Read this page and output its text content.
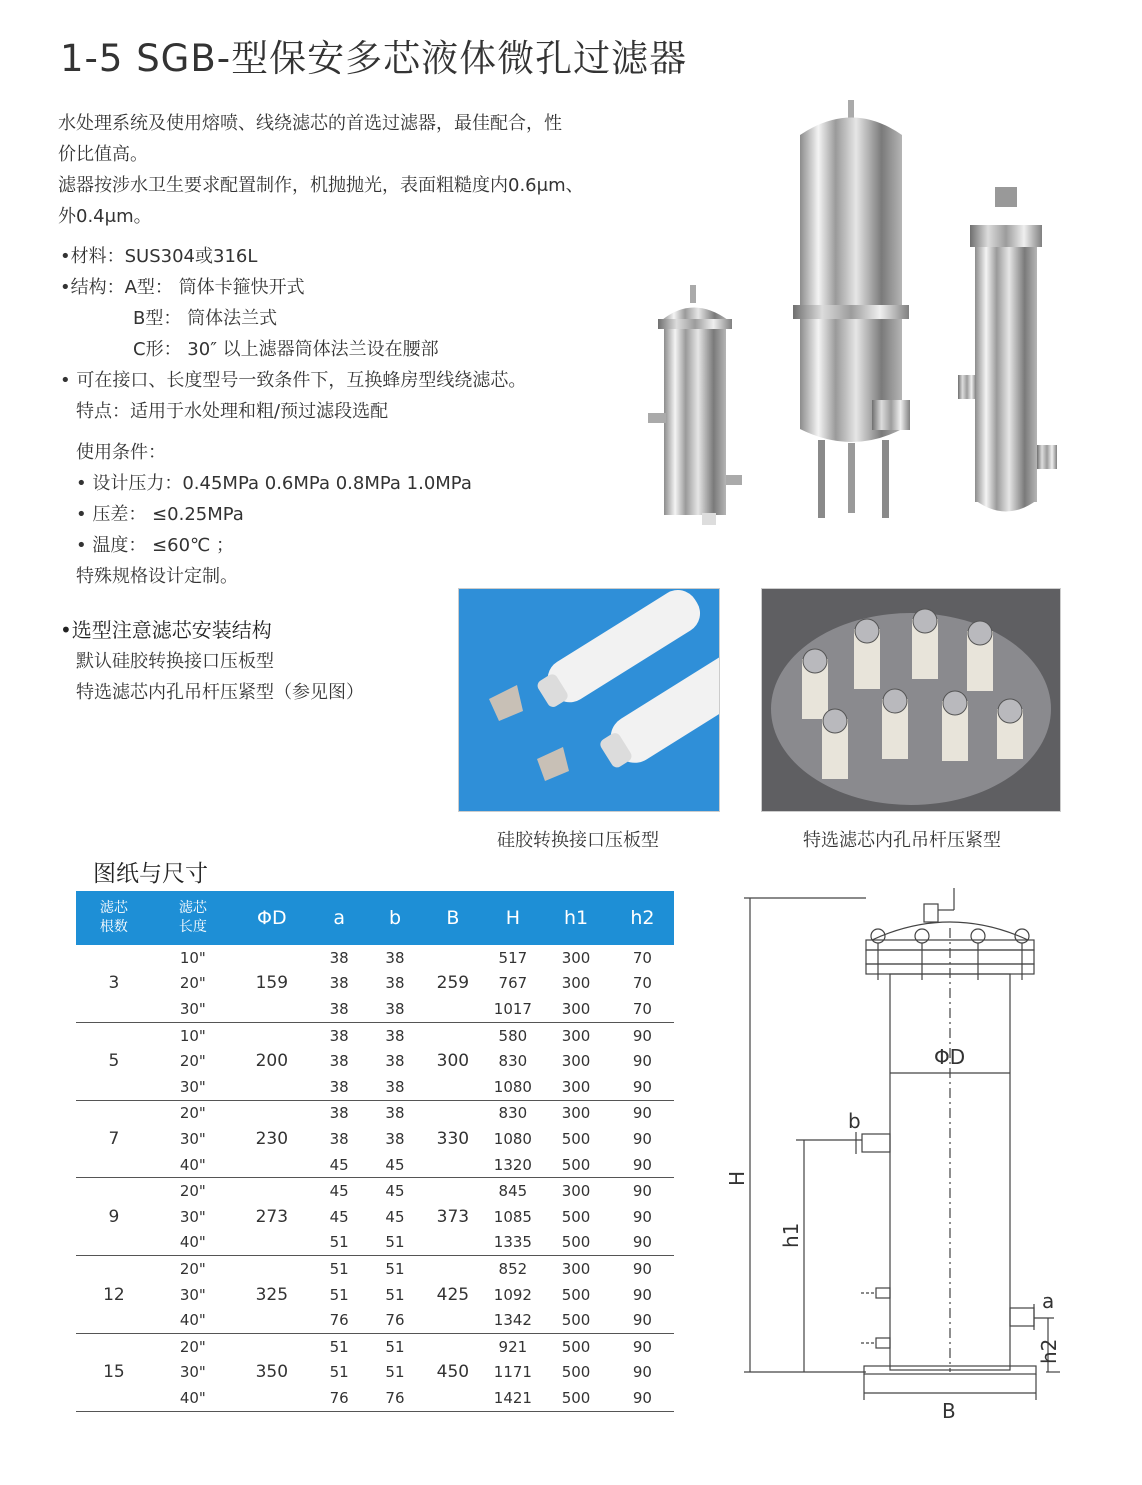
1-5 SGB-型保安多芯液体微孔过滤器
水处理系统及使用熔喷、线绕滤芯的首选过滤器，最佳配合，性
价比值高。
滤器按涉水卫生要求配置制作，机抛抛光，表面粗糙度内0.6μm、
外0.4μm。
•材料：SUS304或316L
•结构：A型： 筒体卡箍快开式
B型： 筒体法兰式
C形： 30″ 以上滤器筒体法兰设在腰部
• 可在接口、长度型号一致条件下，互换蜂房型线绕滤芯。
特点：适用于水处理和粗/预过滤段选配
使用条件：
• 设计压力：0.45MPa 0.6MPa 0.8MPa 1.0MPa
• 压差： ≤0.25MPa
• 温度： ≤60℃ ；
特殊规格设计定制。
•选型注意滤芯安装结构
默认硅胶转换接口压板型
特选滤芯内孔吊杆压紧型（参见图）
硅胶转换接口压板型	特选滤芯内孔吊杆压紧型
图纸与尺寸
滤芯
根数	滤芯
长度	ΦD	a	b	B	H	h1	h2
3	10"	159	38	38	259	517	300	70
	20"		38	38		767	300	70
	30"		38	38		1017	300	70
5	10"	200	38	38	300	580	300	90
	20"		38	38		830	300	90
	30"		38	38		1080	300	90
7	20"	230	38	38	330	830	300	90
	30"		38	38		1080	500	90
	40"		45	45		1320	500	90
9	20"	273	45	45	373	845	300	90
	30"		45	45		1085	500	90
	40"		51	51		1335	500	90
12	20"	325	51	51	425	852	300	90
	30"		51	51		1092	500	90
	40"		76	76		1342	500	90
15	20"	350	51	51	450	921	500	90
	30"		51	51		1171	500	90
	40"		76	76		1421	500	90
ΦD
b
a
H
h1
h2
B
